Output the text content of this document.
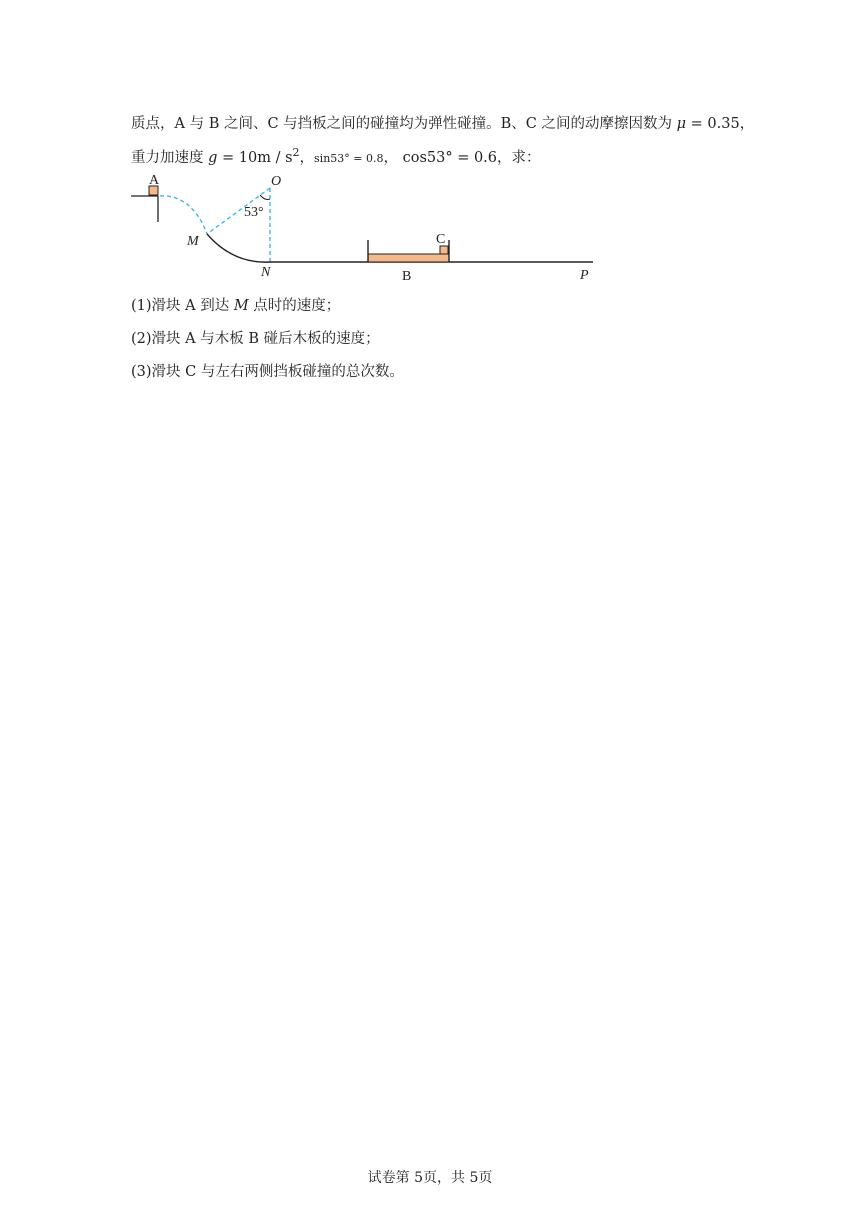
质点，A 与 B 之间、C 与挡板之间的碰撞均为弹性碰撞。B、C 之间的动摩擦因数为 μ = 0.35，
重力加速度 $g = 10m / s^2$，sin53° = 0.8， cos53° = 0.6，求：
A	O
53°
M
N
C
B	P
(1)滑块 A 到达 M 点时的速度；
(2)滑块 A 与木板 B 碰后木板的速度；
(3)滑块 C 与左右两侧挡板碰撞的总次数。
试卷第 5页，共 5页
